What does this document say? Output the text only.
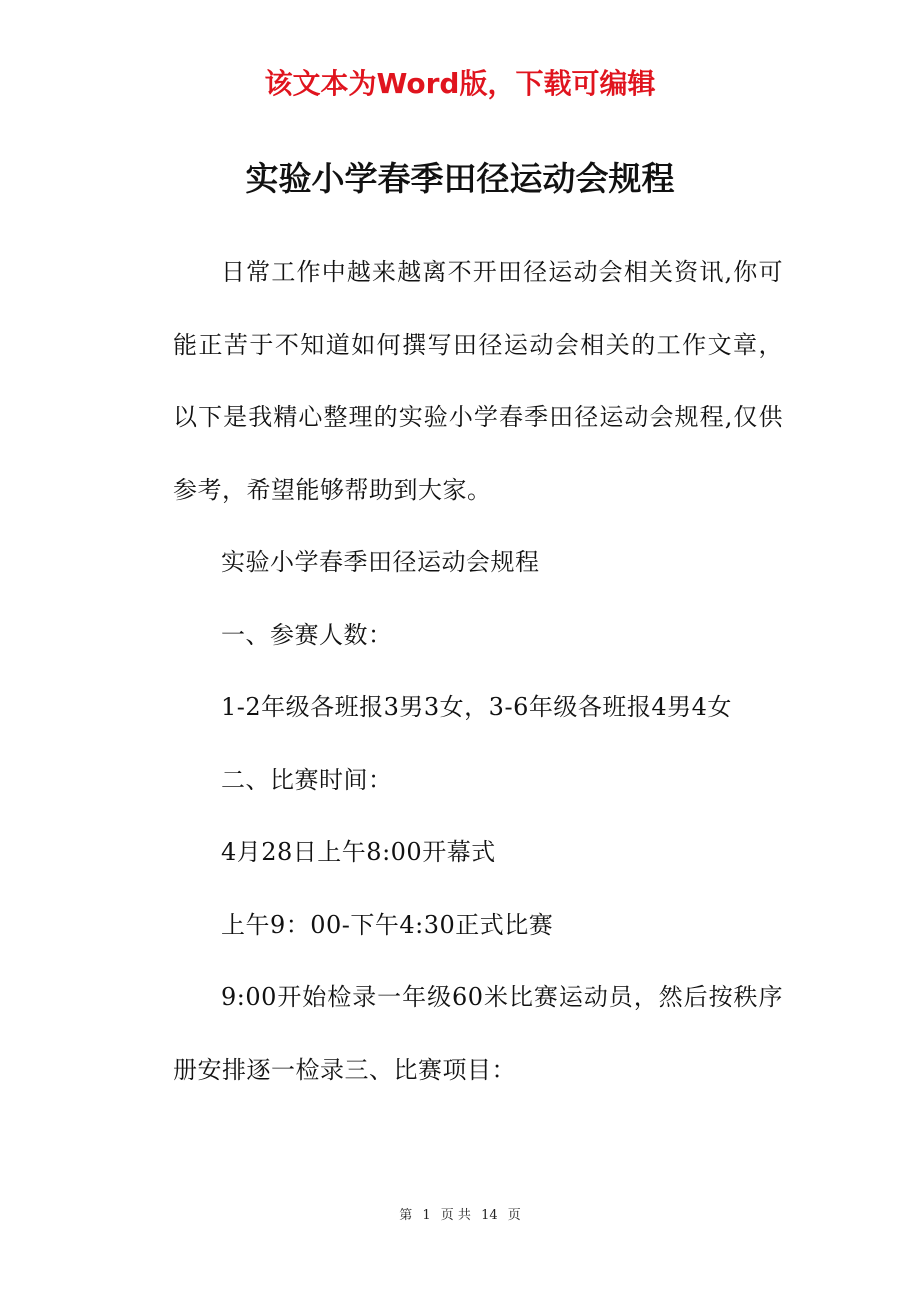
该文本为Word版，下载可编辑
实验小学春季田径运动会规程

日常工作中越来越离不开田径运动会相关资讯,你可能正苦于不知道如何撰写田径运动会相关的工作文章，以下是我精心整理的实验小学春季田径运动会规程,仅供参考，希望能够帮助到大家。

实验小学春季田径运动会规程

一、参赛人数：

1-2年级各班报3男3女，3-6年级各班报4男4女

二、比赛时间：

4月28日上午8:00开幕式

上午9：00-下午4:30正式比赛

9:00开始检录一年级60米比赛运动员，然后按秩序册安排逐一检录三、比赛项目：

第 1 页 共 14 页
